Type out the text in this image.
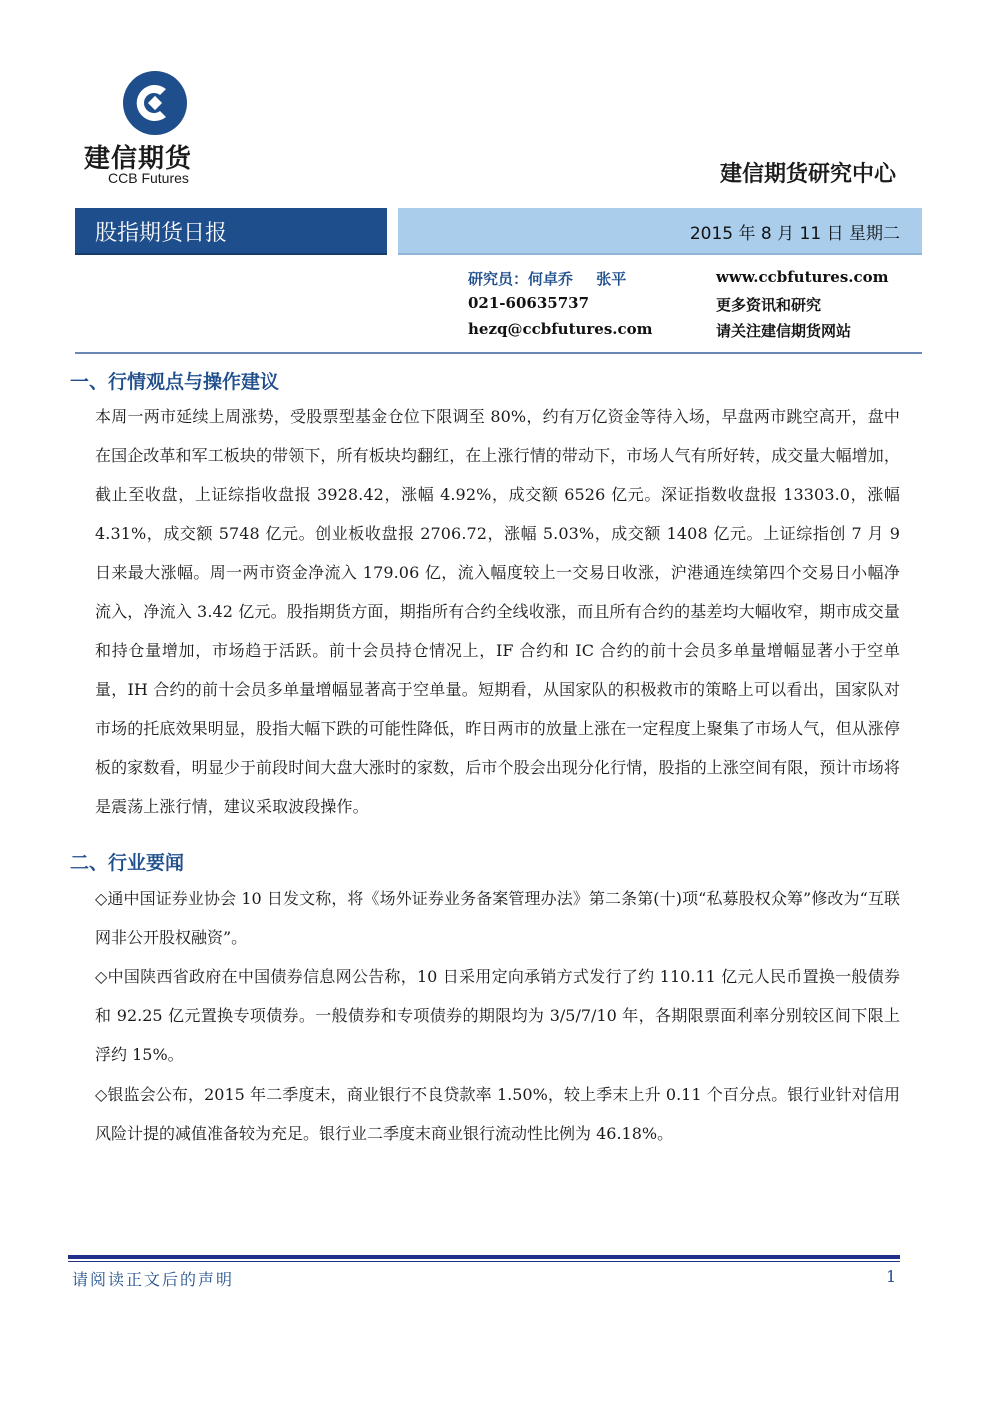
建信期货
CCB Futures	建信期货研究中心
股指期货日报	2015 年 8 月 11 日 星期二
研究员：何卓乔 张平
021-60635737
hezq@ccbfutures.com
www.ccbfutures.com
更多资讯和研究
请关注建信期货网站
一、行情观点与操作建议
本周一两市延续上周涨势，受股票型基金仓位下限调至 80%，约有万亿资金等待入场，早盘两市跳空高开，盘中在国企改革和军工板块的带领下，所有板块均翻红，在上涨行情的带动下，市场人气有所好转，成交量大幅增加，截止至收盘，上证综指收盘报 3928.42，涨幅 4.92%，成交额 6526 亿元。深证指数收盘报 13303.0，涨幅 4.31%，成交额 5748 亿元。创业板收盘报 2706.72，涨幅 5.03%，成交额 1408 亿元。上证综指创 7 月 9 日来最大涨幅。周一两市资金净流入 179.06 亿，流入幅度较上一交易日收涨，沪港通连续第四个交易日小幅净流入，净流入 3.42 亿元。股指期货方面，期指所有合约全线收涨，而且所有合约的基差均大幅收窄，期市成交量和持仓量增加，市场趋于活跃。前十会员持仓情况上，IF 合约和 IC 合约的前十会员多单量增幅显著小于空单量，IH 合约的前十会员多单量增幅显著高于空单量。短期看，从国家队的积极救市的策略上可以看出，国家队对市场的托底效果明显，股指大幅下跌的可能性降低，昨日两市的放量上涨在一定程度上聚集了市场人气，但从涨停板的家数看，明显少于前段时间大盘大涨时的家数，后市个股会出现分化行情，股指的上涨空间有限，预计市场将是震荡上涨行情，建议采取波段操作。
二、行业要闻
◇通中国证券业协会 10 日发文称，将《场外证券业务备案管理办法》第二条第(十)项“私募股权众筹”修改为“互联网非公开股权融资”。
◇中国陕西省政府在中国债券信息网公告称，10 日采用定向承销方式发行了约 110.11 亿元人民币置换一般债券和 92.25 亿元置换专项债券。一般债券和专项债券的期限均为 3/5/7/10 年，各期限票面利率分别较区间下限上浮约 15%。
◇银监会公布，2015 年二季度末，商业银行不良贷款率 1.50%，较上季末上升 0.11 个百分点。银行业针对信用风险计提的减值准备较为充足。银行业二季度末商业银行流动性比例为 46.18%。
请阅读正文后的声明	1
